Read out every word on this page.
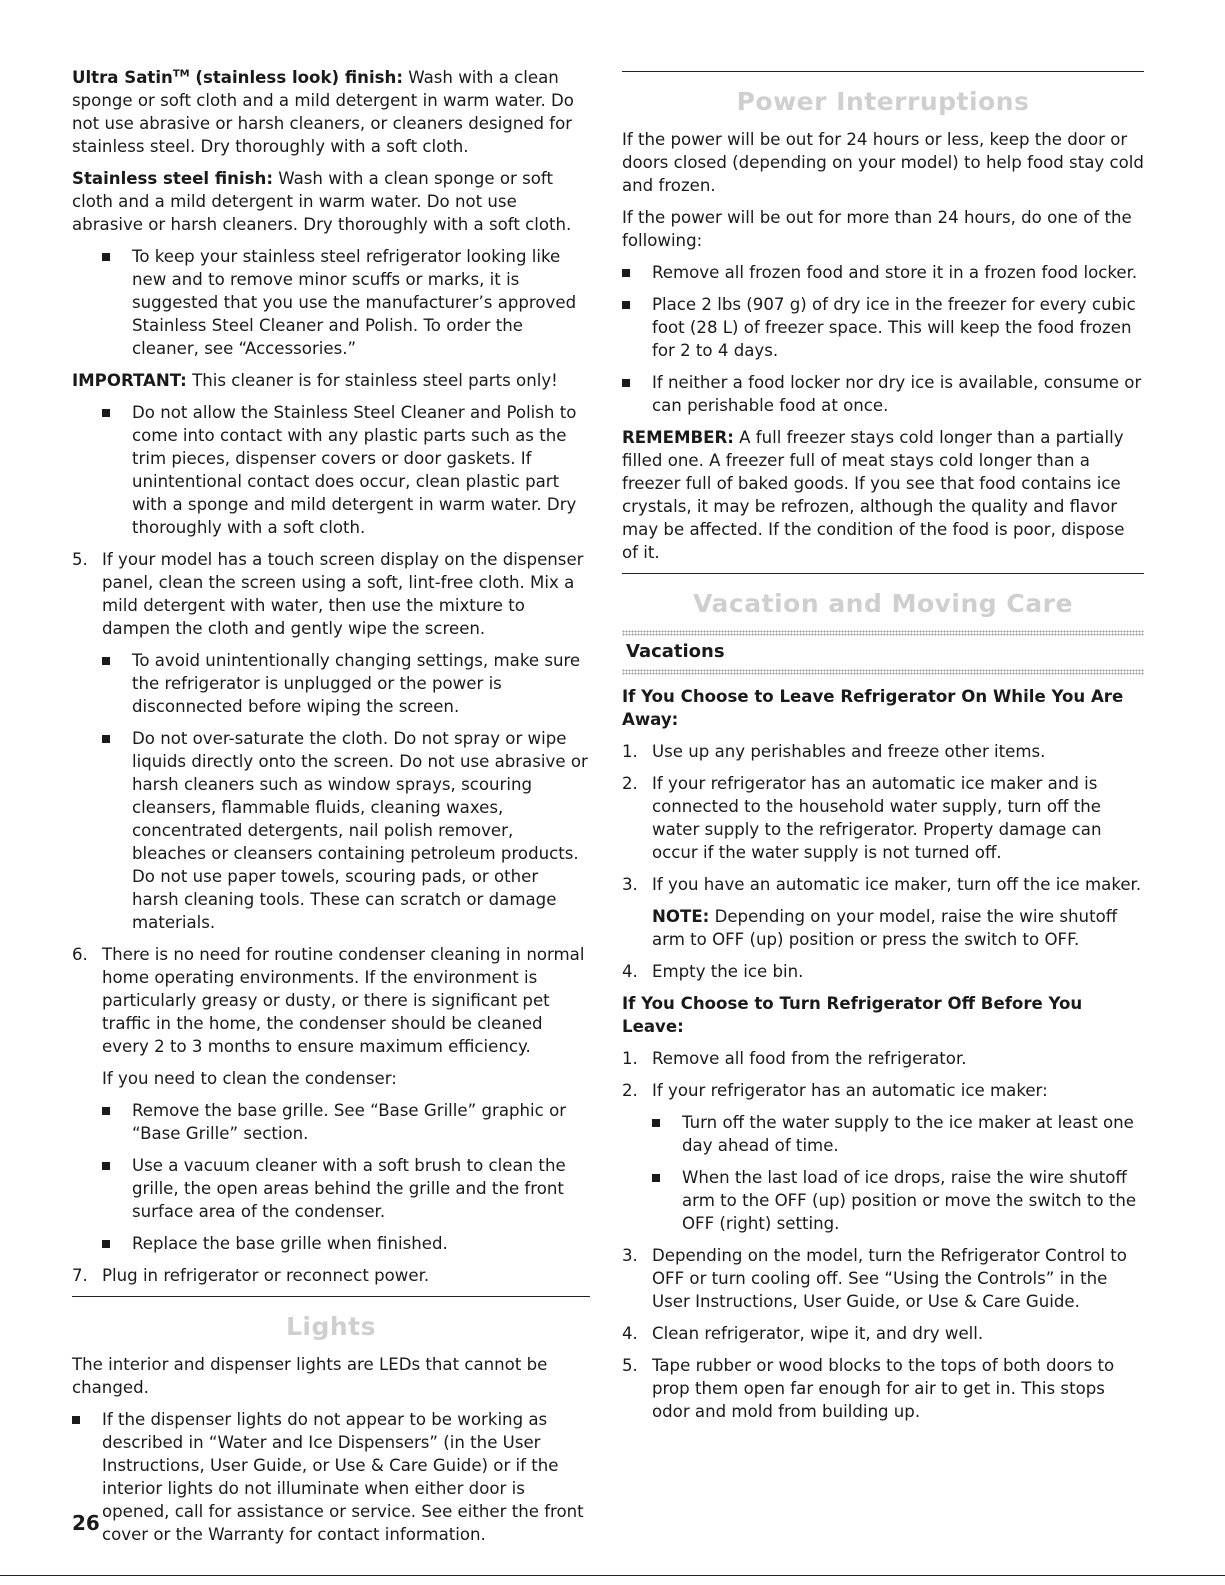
Ultra Satin™ (stainless look) finish: Wash with a clean sponge or soft cloth and a mild detergent in warm water. Do not use abrasive or harsh cleaners, or cleaners designed for stainless steel. Dry thoroughly with a soft cloth.

Stainless steel finish: Wash with a clean sponge or soft cloth and a mild detergent in warm water. Do not use abrasive or harsh cleaners. Dry thoroughly with a soft cloth.

To keep your stainless steel refrigerator looking like new and to remove minor scuffs or marks, it is suggested that you use the manufacturer’s approved Stainless Steel Cleaner and Polish. To order the cleaner, see “Accessories.”

IMPORTANT: This cleaner is for stainless steel parts only!

Do not allow the Stainless Steel Cleaner and Polish to come into contact with any plastic parts such as the trim pieces, dispenser covers or door gaskets. If unintentional contact does occur, clean plastic part with a sponge and mild detergent in warm water. Dry thoroughly with a soft cloth.
5. If your model has a touch screen display on the dispenser panel, clean the screen using a soft, lint-free cloth. Mix a mild detergent with water, then use the mixture to dampen the cloth and gently wipe the screen.
To avoid unintentionally changing settings, make sure the refrigerator is unplugged or the power is disconnected before wiping the screen.
Do not over-saturate the cloth. Do not spray or wipe liquids directly onto the screen. Do not use abrasive or harsh cleaners such as window sprays, scouring cleansers, flammable fluids, cleaning waxes, concentrated detergents, nail polish remover, bleaches or cleansers containing petroleum products. Do not use paper towels, scouring pads, or other harsh cleaning tools. These can scratch or damage materials.
6. There is no need for routine condenser cleaning in normal home operating environments. If the environment is particularly greasy or dusty, or there is significant pet traffic in the home, the condenser should be cleaned every 2 to 3 months to ensure maximum efficiency.
If you need to clean the condenser:
Remove the base grille. See “Base Grille” graphic or “Base Grille” section.
Use a vacuum cleaner with a soft brush to clean the grille, the open areas behind the grille and the front surface area of the condenser.
Replace the base grille when finished.
7. Plug in refrigerator or reconnect power.
Lights

The interior and dispenser lights are LEDs that cannot be changed.

If the dispenser lights do not appear to be working as described in “Water and Ice Dispensers” (in the User Instructions, User Guide, or Use & Care Guide) or if the interior lights do not illuminate when either door is opened, call for assistance or service. See either the front cover or the Warranty for contact information.
Power Interruptions

If the power will be out for 24 hours or less, keep the door or doors closed (depending on your model) to help food stay cold and frozen.

If the power will be out for more than 24 hours, do one of the following:

Remove all frozen food and store it in a frozen food locker.
Place 2 lbs (907 g) of dry ice in the freezer for every cubic foot (28 L) of freezer space. This will keep the food frozen for 2 to 4 days.
If neither a food locker nor dry ice is available, consume or can perishable food at once.

REMEMBER: A full freezer stays cold longer than a partially filled one. A freezer full of meat stays cold longer than a freezer full of baked goods. If you see that food contains ice crystals, it may be refrozen, although the quality and flavor may be affected. If the condition of the food is poor, dispose of it.

Vacation and Moving Care
Vacations
If You Choose to Leave Refrigerator On While You Are Away:
1. Use up any perishables and freeze other items.
2. If your refrigerator has an automatic ice maker and is connected to the household water supply, turn off the water supply to the refrigerator. Property damage can occur if the water supply is not turned off.
3. If you have an automatic ice maker, turn off the ice maker.
NOTE: Depending on your model, raise the wire shutoff arm to OFF (up) position or press the switch to OFF.
4. Empty the ice bin.
If You Choose to Turn Refrigerator Off Before You Leave:
1. Remove all food from the refrigerator.
2. If your refrigerator has an automatic ice maker:
Turn off the water supply to the ice maker at least one day ahead of time.
When the last load of ice drops, raise the wire shutoff arm to the OFF (up) position or move the switch to the OFF (right) setting.
3. Depending on the model, turn the Refrigerator Control to OFF or turn cooling off. See “Using the Controls” in the User Instructions, User Guide, or Use & Care Guide.
4. Clean refrigerator, wipe it, and dry well.
5. Tape rubber or wood blocks to the tops of both doors to prop them open far enough for air to get in. This stops odor and mold from building up.
26
